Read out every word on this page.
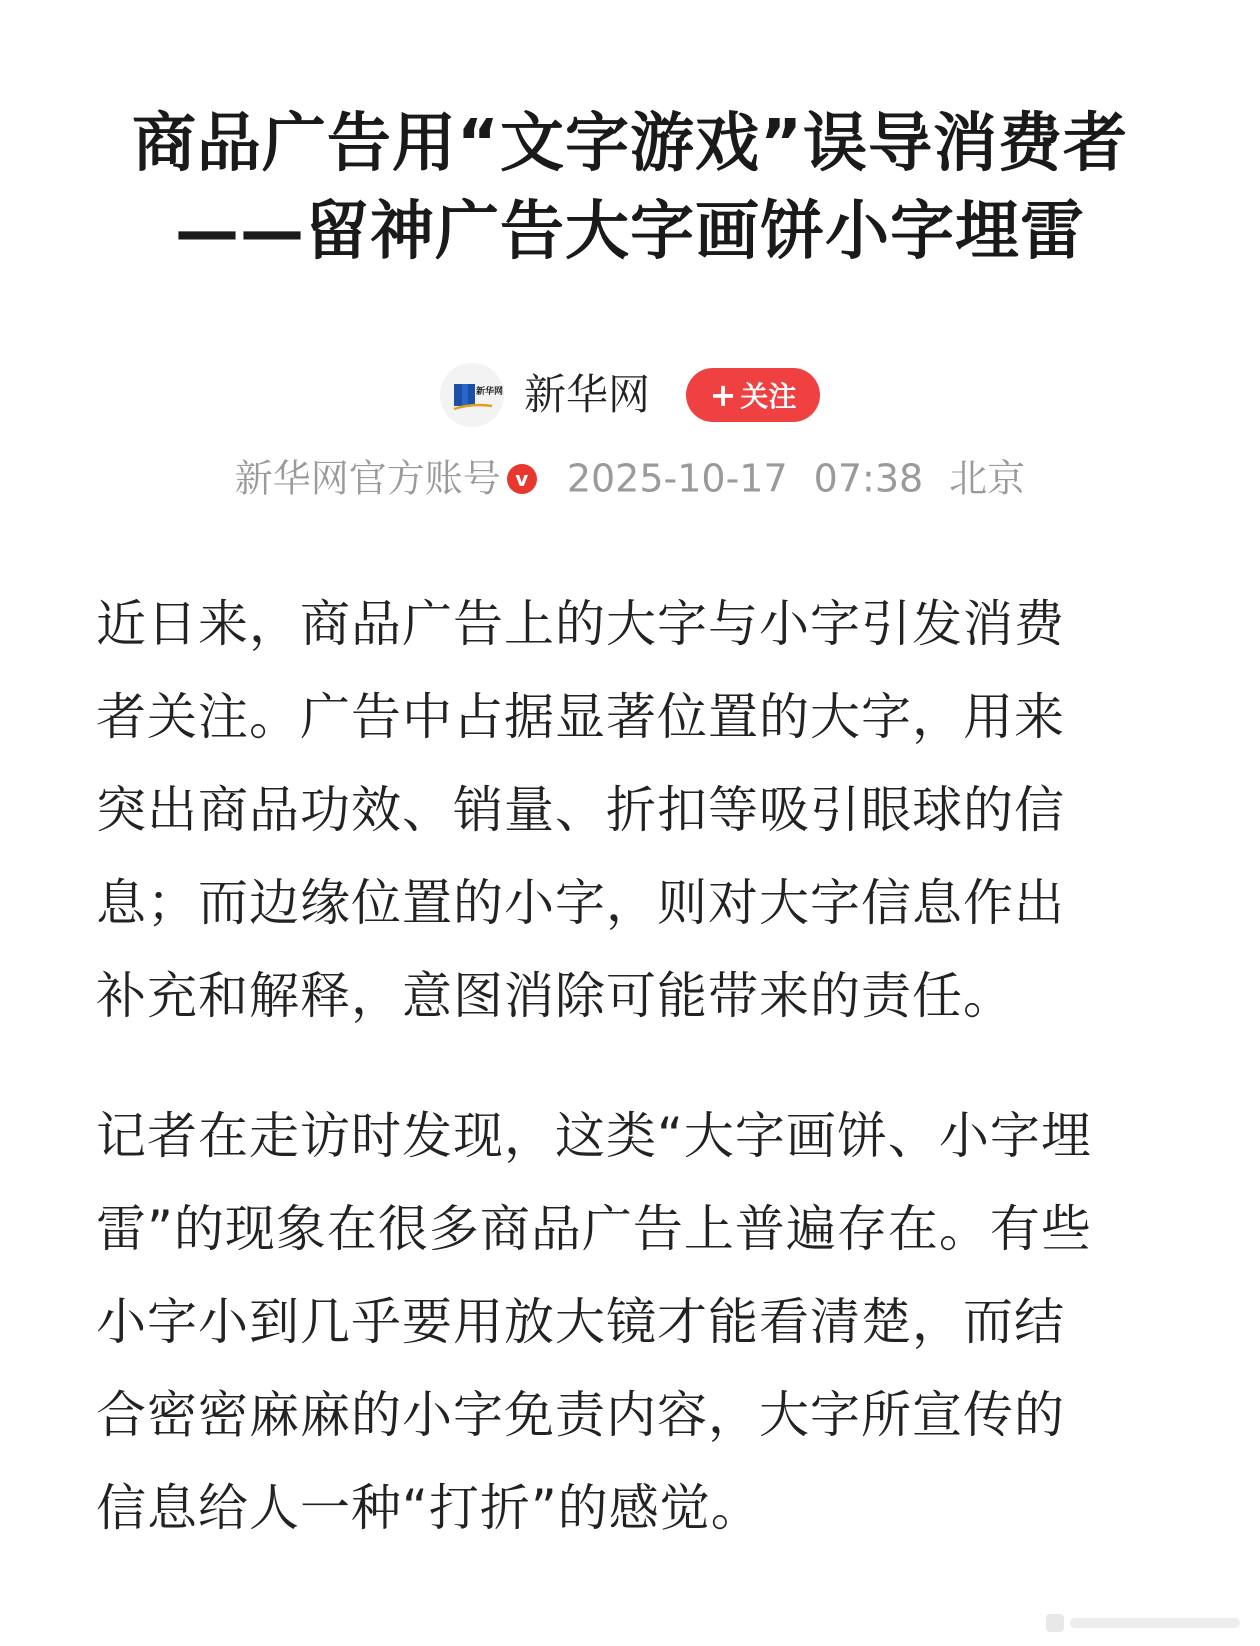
商品广告用“文字游戏”误导消费者
——留神广告大字画饼小字埋雷
新华网 新华网 + 关注
新华网官方账号 v 2025-10-17 07:38 北京
近日来，商品广告上的大字与小字引发消费
者关注。广告中占据显著位置的大字，用来
突出商品功效、销量、折扣等吸引眼球的信
息；而边缘位置的小字，则对大字信息作出
补充和解释，意图消除可能带来的责任。
记者在走访时发现，这类“大字画饼、小字埋
雷”的现象在很多商品广告上普遍存在。有些
小字小到几乎要用放大镜才能看清楚，而结
合密密麻麻的小字免责内容，大字所宣传的
信息给人一种“打折”的感觉。
